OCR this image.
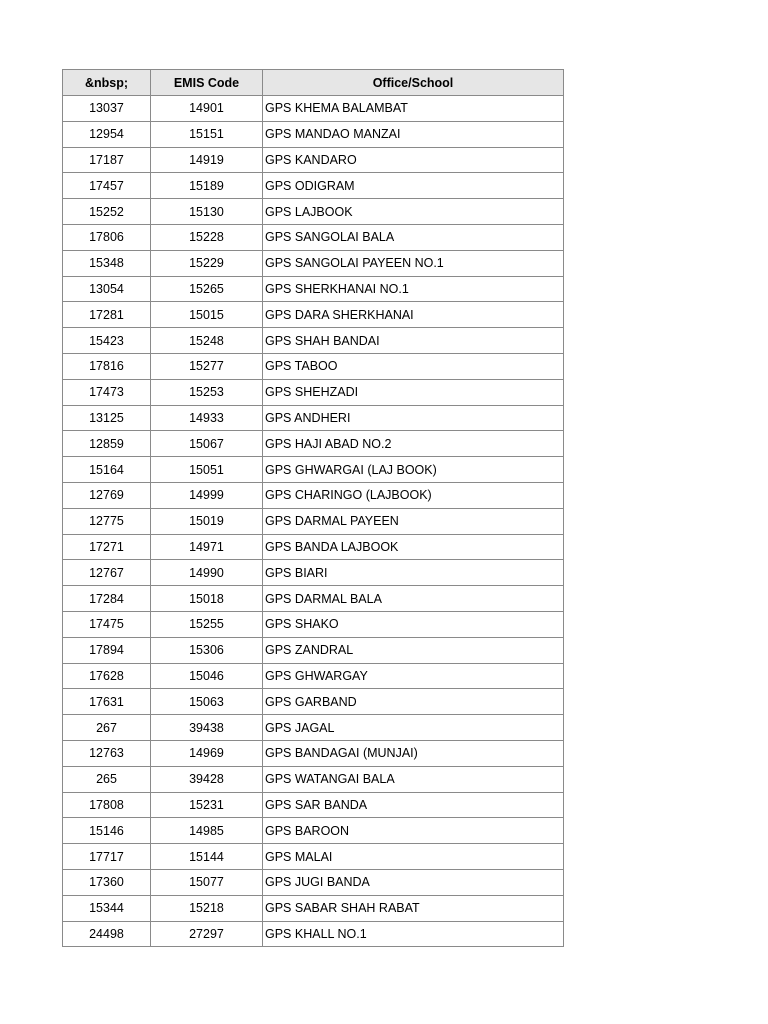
&nbsp;	EMIS Code	Office/School
13037	14901	GPS KHEMA BALAMBAT
12954	15151	GPS MANDAO MANZAI
17187	14919	GPS KANDARO
17457	15189	GPS ODIGRAM
15252	15130	GPS LAJBOOK
17806	15228	GPS SANGOLAI BALA
15348	15229	GPS SANGOLAI PAYEEN NO.1
13054	15265	GPS SHERKHANAI NO.1
17281	15015	GPS DARA SHERKHANAI
15423	15248	GPS SHAH BANDAI
17816	15277	GPS TABOO
17473	15253	GPS SHEHZADI
13125	14933	GPS ANDHERI
12859	15067	GPS HAJI ABAD NO.2
15164	15051	GPS GHWARGAI (LAJ BOOK)
12769	14999	GPS CHARINGO (LAJBOOK)
12775	15019	GPS DARMAL PAYEEN
17271	14971	GPS BANDA LAJBOOK
12767	14990	GPS BIARI
17284	15018	GPS DARMAL BALA
17475	15255	GPS SHAKO
17894	15306	GPS ZANDRAL
17628	15046	GPS GHWARGAY
17631	15063	GPS GARBAND
267	39438	GPS JAGAL
12763	14969	GPS BANDAGAI (MUNJAI)
265	39428	GPS WATANGAI BALA
17808	15231	GPS SAR BANDA
15146	14985	GPS BAROON
17717	15144	GPS MALAI
17360	15077	GPS JUGI BANDA
15344	15218	GPS SABAR SHAH RABAT
24498	27297	GPS KHALL NO.1
